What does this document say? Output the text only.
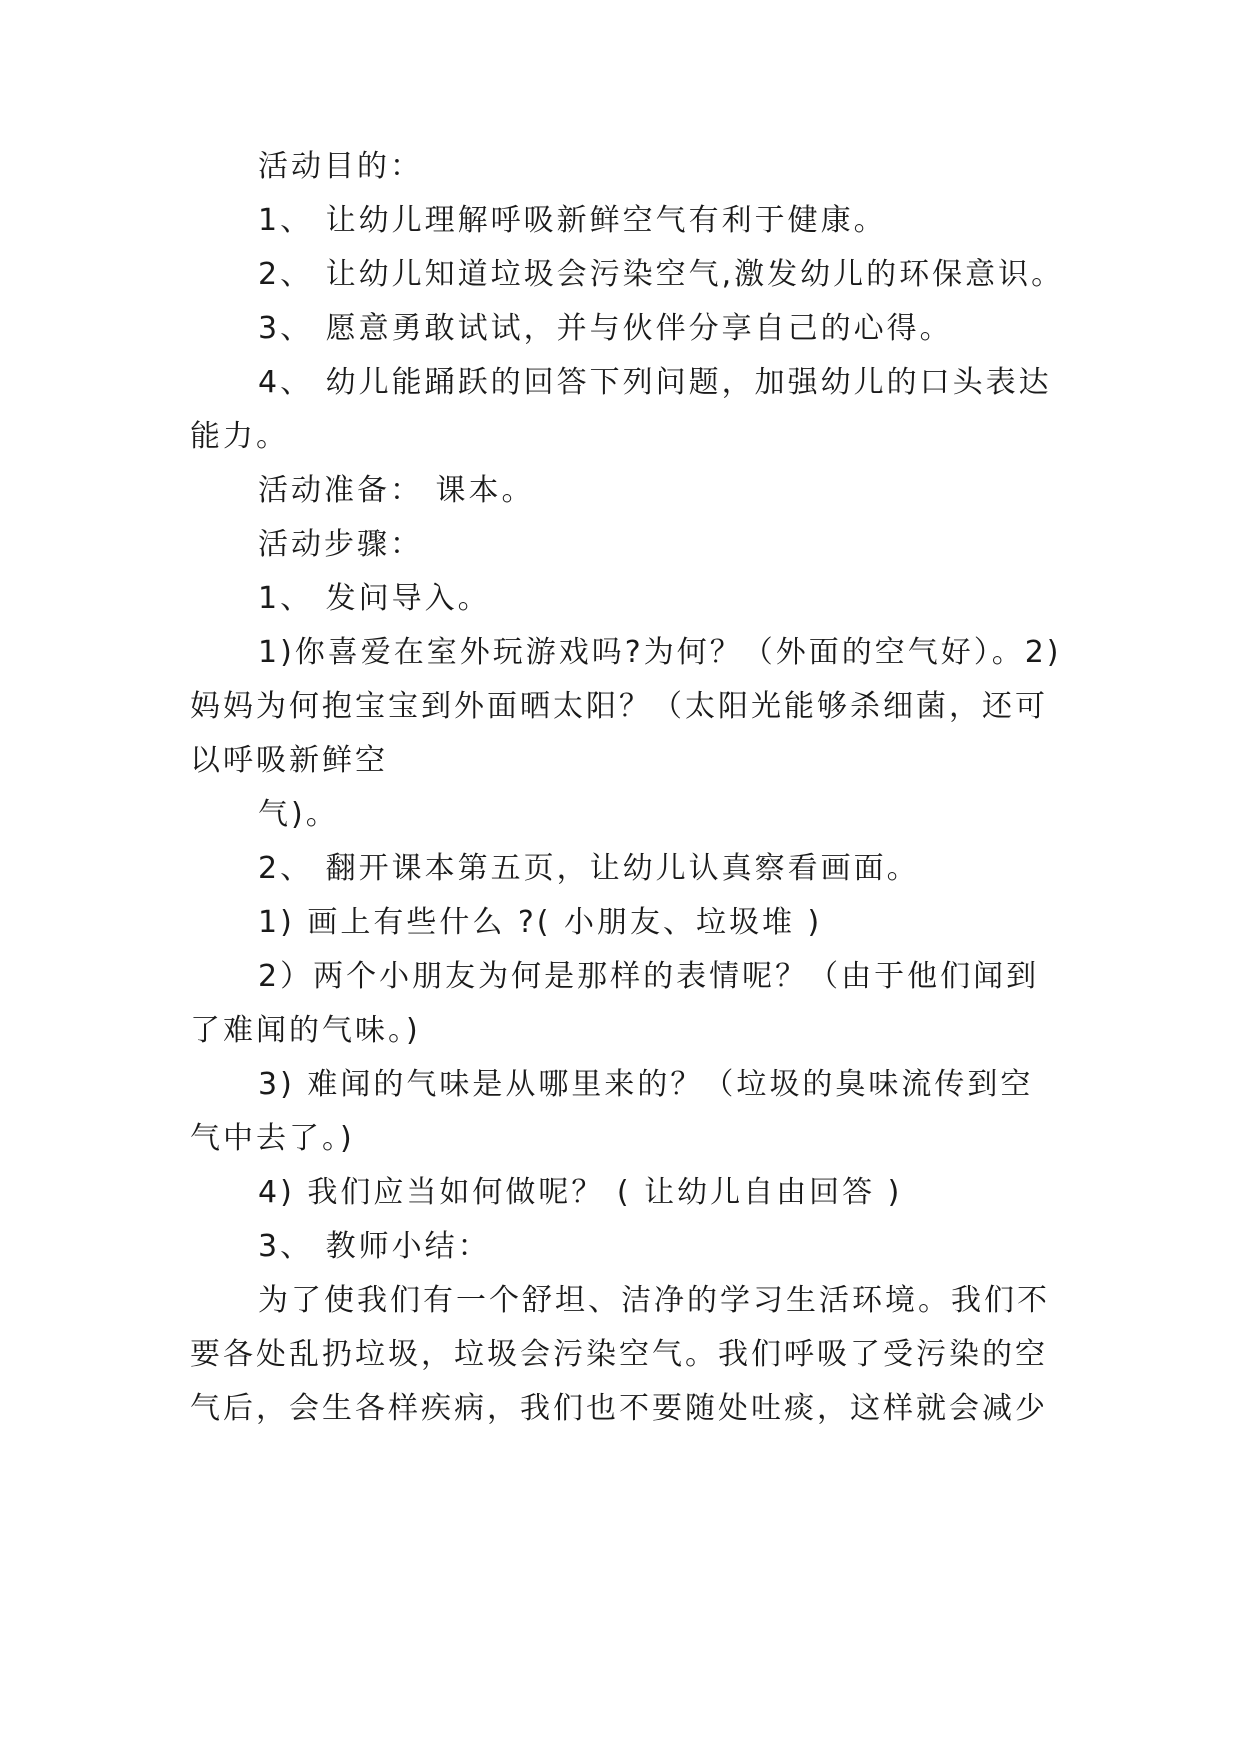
活动目的：
1、 让幼儿理解呼吸新鲜空气有利于健康。
2、 让幼儿知道垃圾会污染空气,激发幼儿的环保意识。
3、 愿意勇敢试试，并与伙伴分享自己的心得。
4、 幼儿能踊跃的回答下列问题，加强幼儿的口头表达
能力。
活动准备： 课本。
活动步骤：
1、 发问导入。
1)你喜爱在室外玩游戏吗?为何？（外面的空气好）。2)
妈妈为何抱宝宝到外面晒太阳？（太阳光能够杀细菌，还可
以呼吸新鲜空
气)。
2、 翻开课本第五页，让幼儿认真察看画面。
1) 画上有些什么 ?( 小朋友、垃圾堆 )
2）两个小朋友为何是那样的表情呢？（由于他们闻到
了难闻的气味。)
3) 难闻的气味是从哪里来的？（垃圾的臭味流传到空
气中去了。)
4) 我们应当如何做呢？ ( 让幼儿自由回答 )
3、 教师小结：
为了使我们有一个舒坦、洁净的学习生活环境。我们不
要各处乱扔垃圾，垃圾会污染空气。我们呼吸了受污染的空
气后，会生各样疾病，我们也不要随处吐痰，这样就会减少
